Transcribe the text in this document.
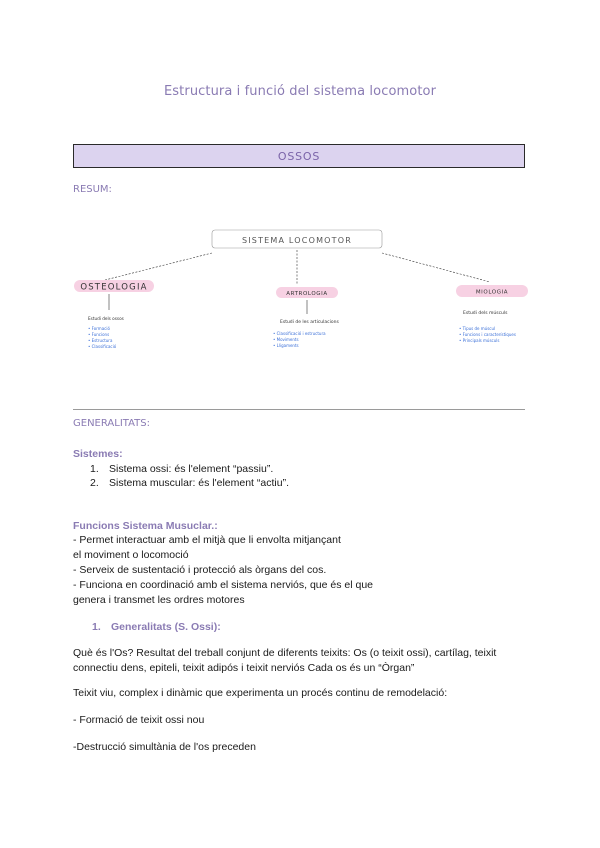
Estructura i funció del sistema locomotor
OSSOS
RESUM:
SISTEMA LOCOMOTOR
OSTEOLOGIA
Estudi dels ossos
• Formació
• Funcions
• Estructura
• Classificació
ARTROLOGIA
Estudi de les articulacions
• Classificació i estructura
• Moviments
• Lligaments
MIOLOGIA
Estudi dels músculs
• Tipus de múscul
• Funcions i característiques
• Principals músculs
GENERALITATS:
Sistemes:
1. Sistema ossi: és l'element “passiu”.
2. Sistema muscular: és l'element “actiu”.
Funcions Sistema Musuclar.:
- Permet interactuar amb el mitjà que li envolta mitjançant
el moviment o locomoció
- Serveix de sustentació i protecció als òrgans del cos.
- Funciona en coordinació amb el sistema nerviós, que és el que
genera i transmet les ordres motores
1. Generalitats (S. Ossi):
Què és l'Os? Resultat del treball conjunt de diferents teixits: Os (o teixit ossi), cartílag, teixit
connectiu dens, epiteli, teixit adipós i teixit nerviós Cada os és un “Òrgan”
Teixit viu, complex i dinàmic que experimenta un procés continu de remodelació:
- Formació de teixit ossi nou
-Destrucció simultània de l'os preceden
